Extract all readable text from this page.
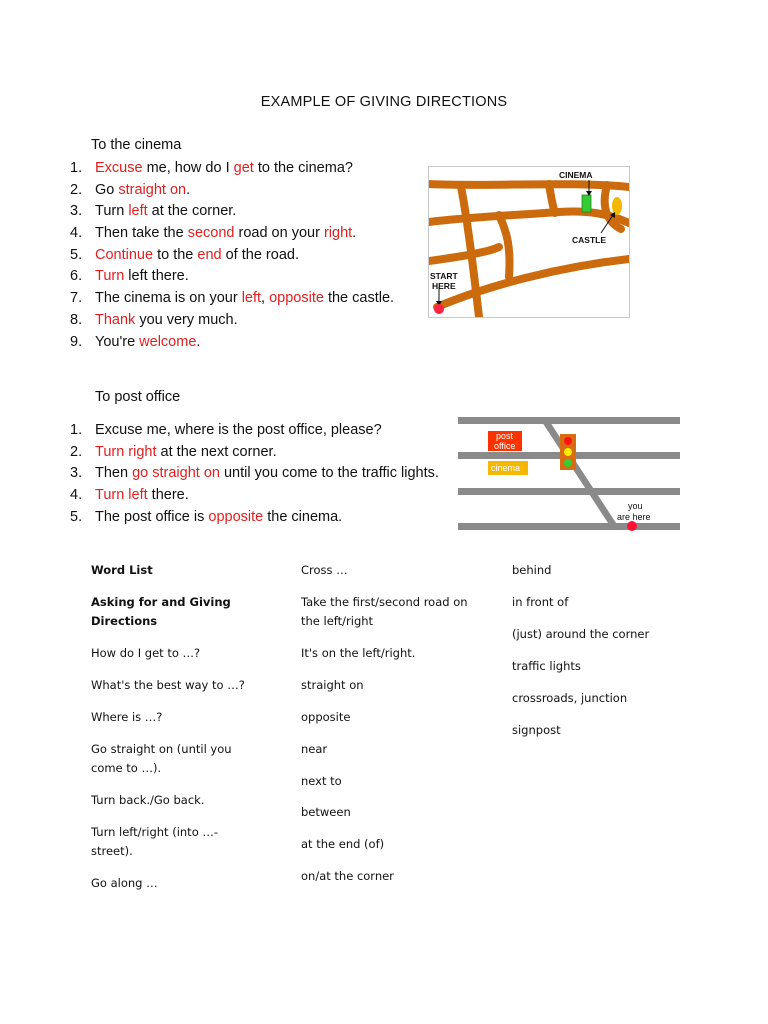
EXAMPLE OF GIVING DIRECTIONS
To the cinema
1. Excuse me, how do I get to the cinema?
2. Go straight on.
3. Turn left at the corner.
4. Then take the second road on your right.
5. Continue to the end of the road.
6. Turn left there.
7. The cinema is on your left, opposite the castle.
8. Thank you very much.
9. You're welcome.
CINEMA
CASTLE
START
HERE
To post office
1. Excuse me, where is the post office, please?
2. Turn right at the next corner.
3. Then go straight on until you come to the traffic lights.
4. Turn left there.
5. The post office is opposite the cinema.
post
office
cinema
you
are here

Word List

Asking for and Giving Directions

How do I get to …?

What's the best way to …?

Where is …?

Go straight on (until you come to …).

Turn back./Go back.

Turn left/right (into …-street).

Go along …

Cross …

Take the first/second road on the left/right

It's on the left/right.

straight on

opposite

near

next to

between

at the end (of)

on/at the corner

behind

in front of

(just) around the corner

traffic lights

crossroads, junction

signpost
